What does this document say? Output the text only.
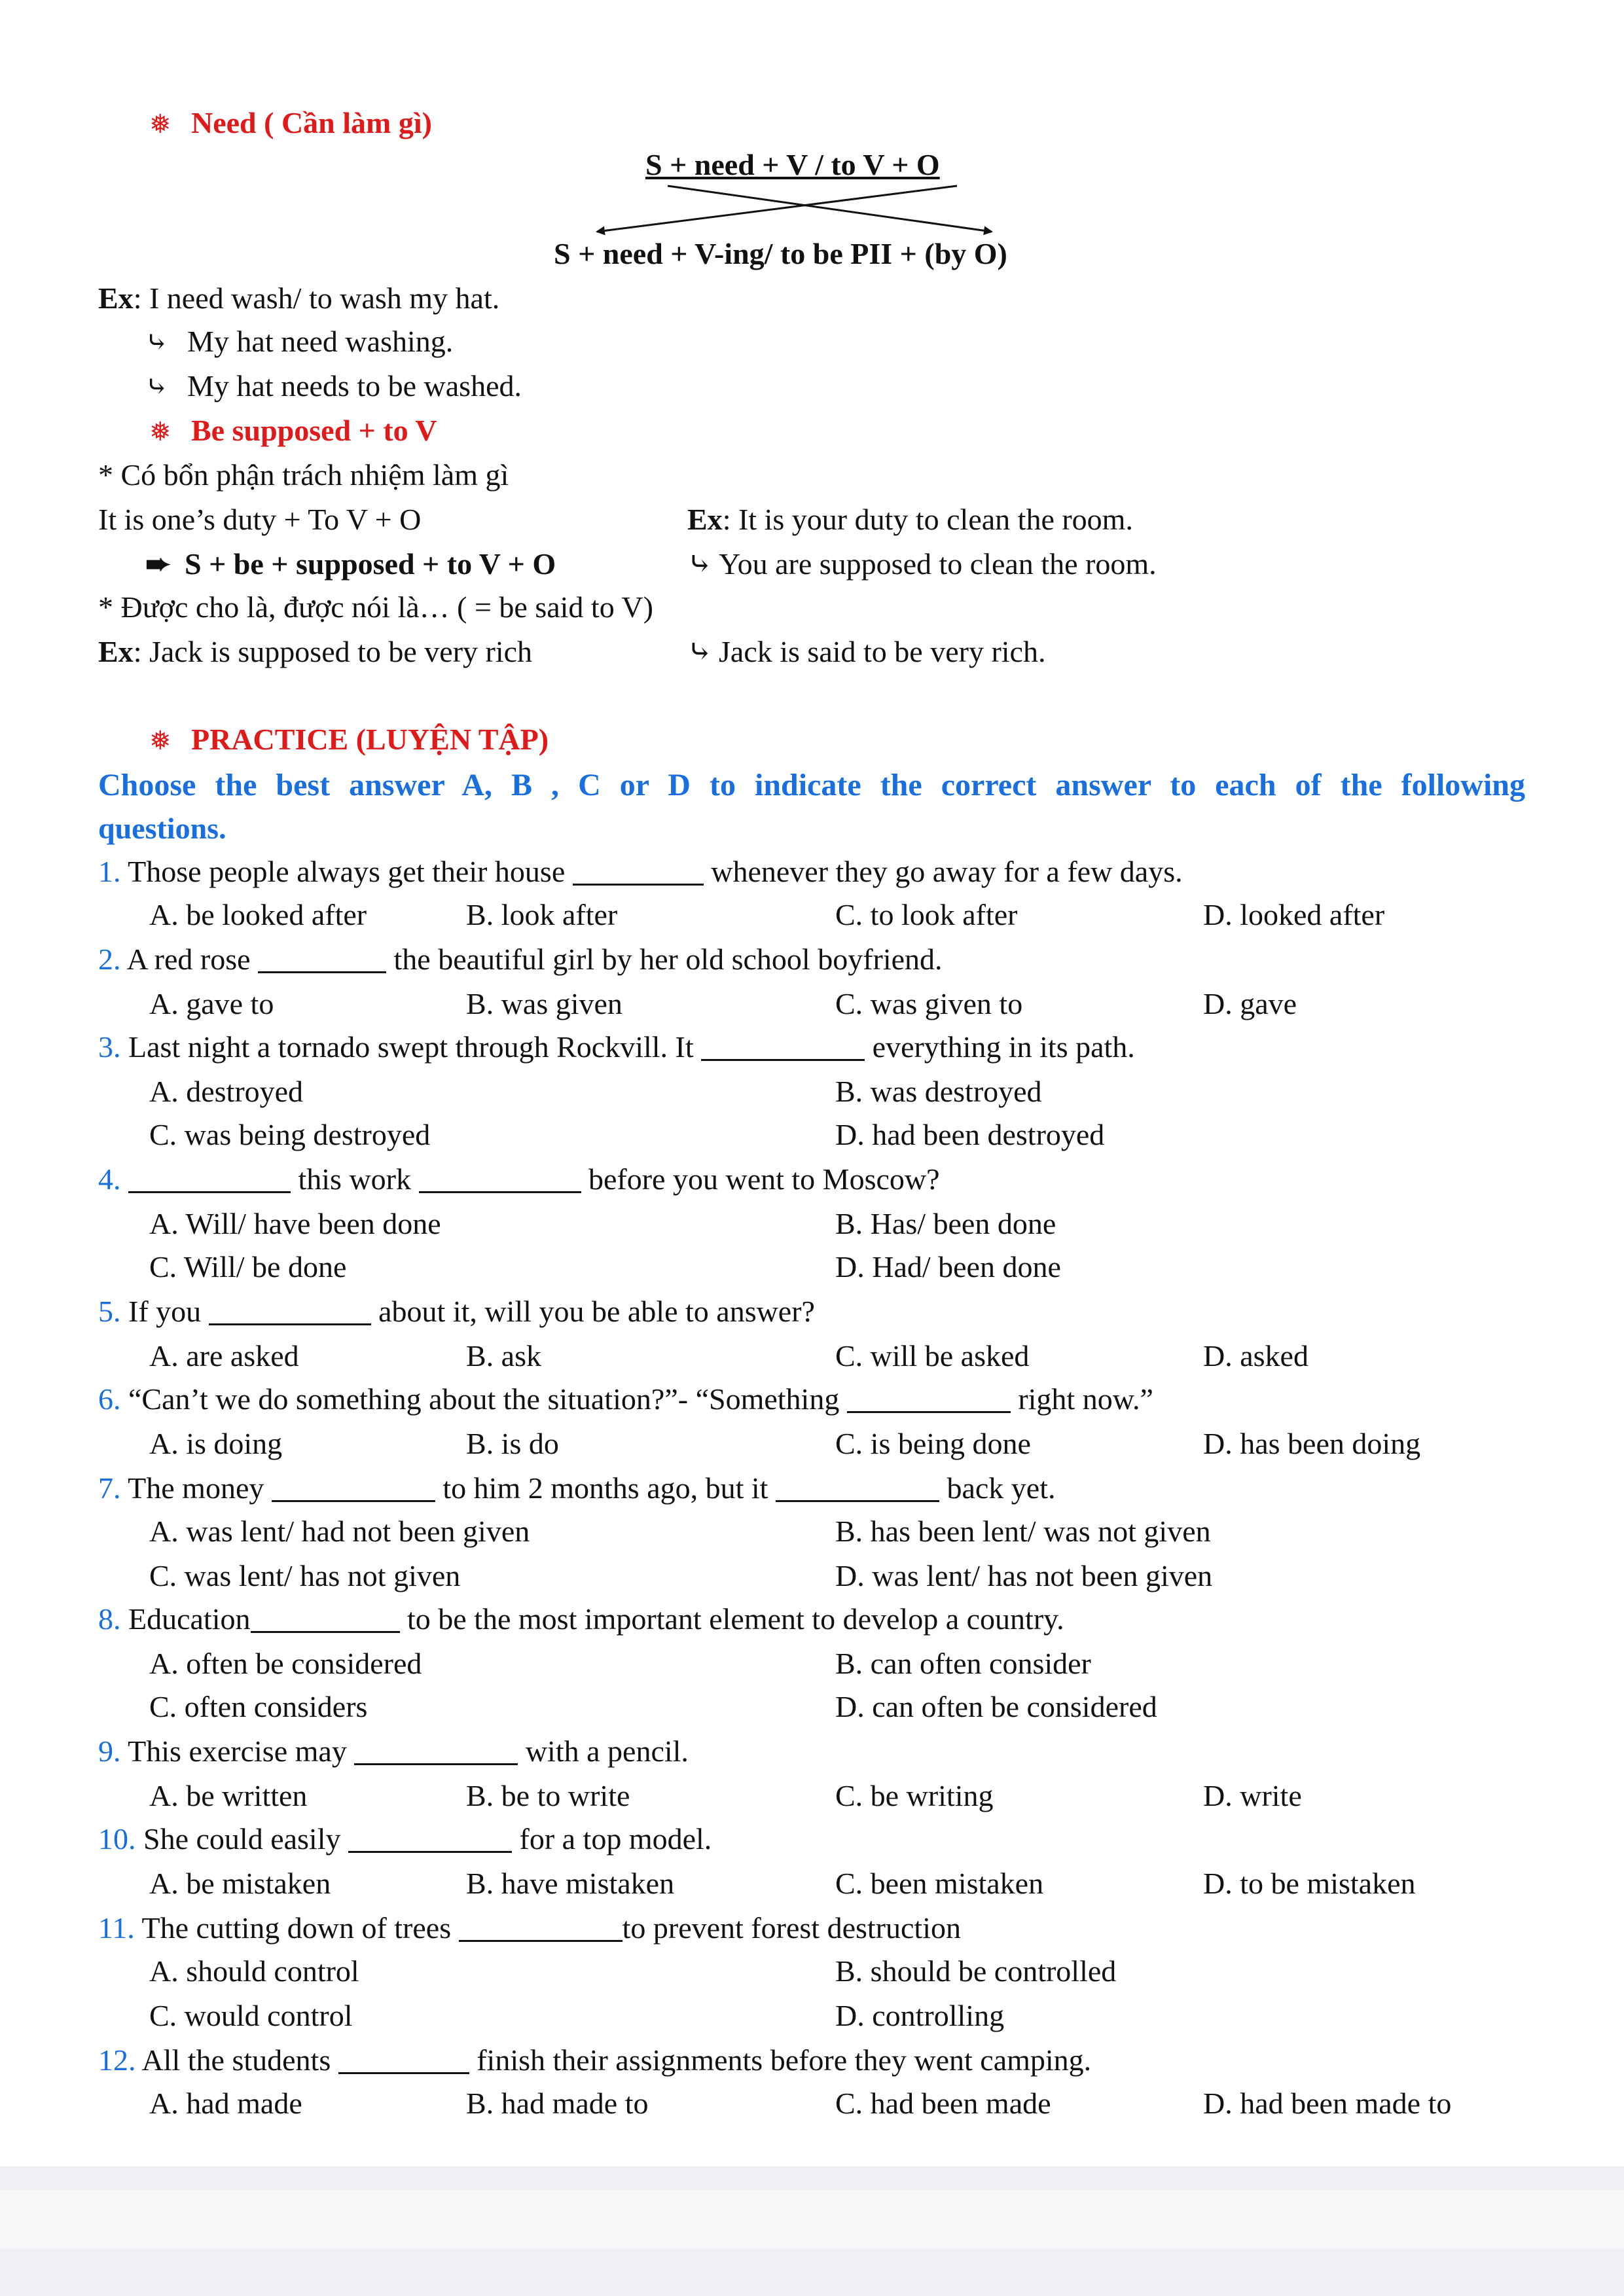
❅ Need ( Cần làm gì)
S + need + V / to V + O
S + need + V-ing/ to be PII + (by O)
Ex: I need wash/ to wash my hat.
⤷ My hat need washing.
⤷ My hat needs to be washed.
❅ Be supposed + to V
* Có bổn phận trách nhiệm làm gì
It is one’s duty + To V + O	Ex: It is your duty to clean the room.
➨ S + be + supposed + to V + O	⤷ You are supposed to clean the room.
* Được cho là, được nói là… ( = be said to V)
Ex: Jack is supposed to be very rich	⤷ Jack is said to be very rich.
❅ PRACTICE (LUYỆN TẬP)
Choose the best answer A, B , C or D to indicate the correct answer to each of the following
questions.
1. Those people always get their house	whenever they go away for a few days.
A. be looked after	B. look after	C. to look after	D. looked after
2. A red rose	the beautiful girl by her old school boyfriend.
A. gave to	B. was given	C. was given to	D. gave
3. Last night a tornado swept through Rockvill. It	everything in its path.
A. destroyed	B. was destroyed
C. was being destroyed	D. had been destroyed
4.	this work	before you went to Moscow?
A. Will/ have been done	B. Has/ been done
C. Will/ be done	D. Had/ been done
5. If you	about it, will you be able to answer?
A. are asked	B. ask	C. will be asked	D. asked
6. “Can’t we do something about the situation?”- “Something	right now.”
A. is doing	B. is do	C. is being done	D. has been doing
7. The money	to him 2 months ago, but it	back yet.
A. was lent/ had not been given	B. has been lent/ was not given
C. was lent/ has not given	D. was lent/ has not been given
8. Education	to be the most important element to develop a country.
A. often be considered	B. can often consider
C. often considers	D. can often be considered
9. This exercise may	with a pencil.
A. be written	B. be to write	C. be writing	D. write
10. She could easily	for a top model.
A. be mistaken	B. have mistaken	C. been mistaken	D. to be mistaken
11. The cutting down of trees	to prevent forest destruction
A. should control	B. should be controlled
C. would control	D. controlling
12. All the students	finish their assignments before they went camping.
A. had made	B. had made to	C. had been made	D. had been made to
